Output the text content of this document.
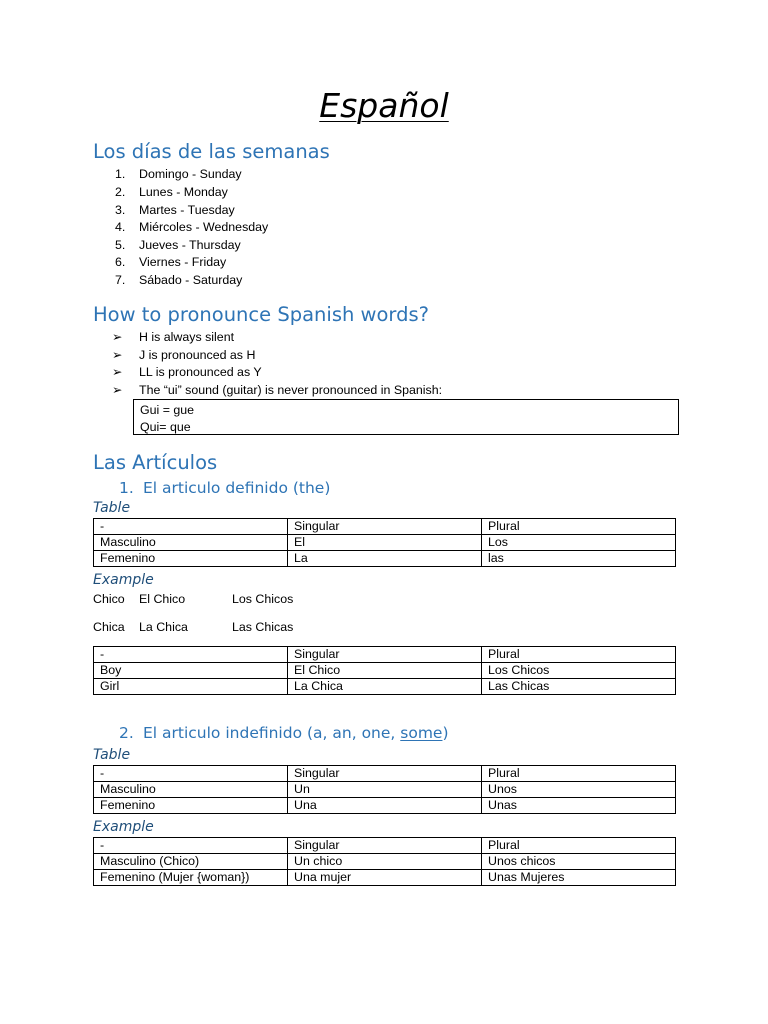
Español
Los días de las semanas
1. Domingo - Sunday
2. Lunes - Monday
3. Martes - Tuesday
4. Miércoles - Wednesday
5. Jueves - Thursday
6. Viernes - Friday
7. Sábado - Saturday
How to pronounce Spanish words?
➢ H is always silent
➢ J is pronounced as H
➢ LL is pronounced as Y
➢ The “ui” sound (guitar) is never pronounced in Spanish:
Gui = gue
Qui= que
Las Artículos
1. El articulo definido (the)
Table
-	Singular	Plural
Masculino	El	Los
Femenino	La	las
Example
Chico El Chico	Los Chicos
Chica La Chica	Las Chicas
-	Singular	Plural
Boy	El Chico	Los Chicos
Girl	La Chica	Las Chicas
2. El articulo indefinido (a, an, one, some)
Table
-	Singular	Plural
Masculino	Un	Unos
Femenino	Una	Unas
Example
-	Singular	Plural
Masculino (Chico)	Un chico	Unos chicos
Femenino (Mujer {woman})	Una mujer	Unas Mujeres
